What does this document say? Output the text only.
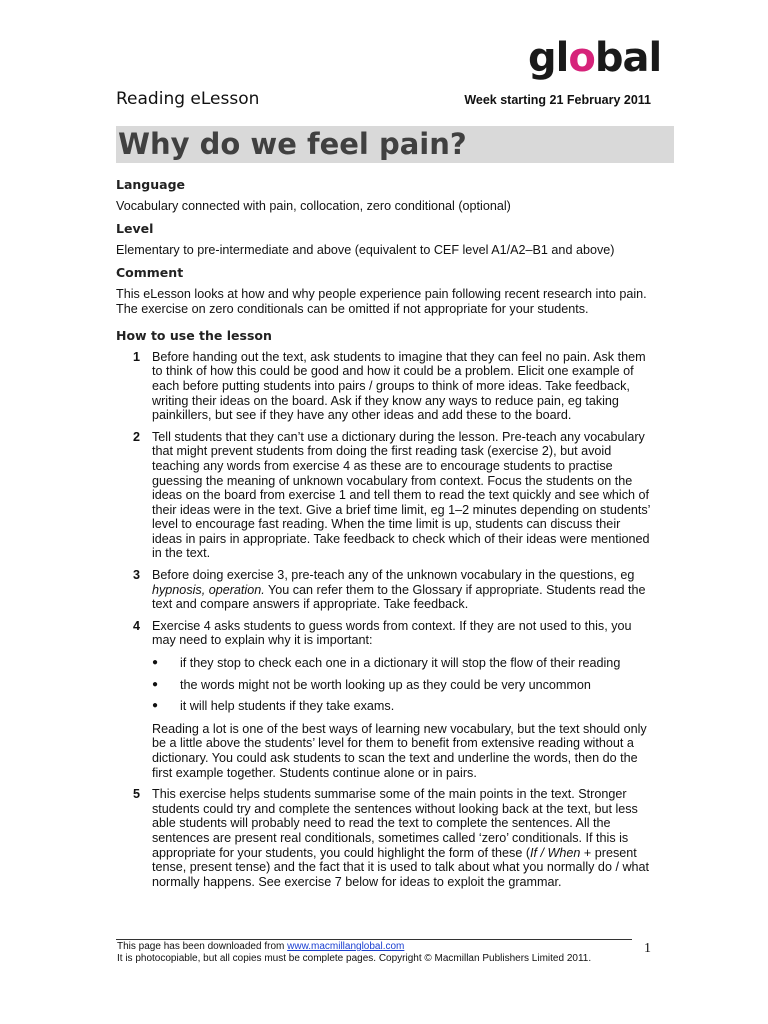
global
Reading eLesson	Week starting 21 February 2011
Why do we feel pain?
Language

Vocabulary connected with pain, collocation, zero conditional (optional)

Level

Elementary to pre-intermediate and above (equivalent to CEF level A1/A2–B1 and above)

Comment

This eLesson looks at how and why people experience pain following recent research into pain. The exercise on zero conditionals can be omitted if not appropriate for your students.

How to use the lesson
1 Before handing out the text, ask students to imagine that they can feel no pain. Ask them to think of how this could be good and how it could be a problem. Elicit one example of each before putting students into pairs / groups to think of more ideas. Take feedback, writing their ideas on the board. Ask if they know any ways to reduce pain, eg taking painkillers, but see if they have any other ideas and add these to the board.
2 Tell students that they can’t use a dictionary during the lesson. Pre-teach any vocabulary that might prevent students from doing the first reading task (exercise 2), but avoid teaching any words from exercise 4 as these are to encourage students to practise guessing the meaning of unknown vocabulary from context. Focus the students on the ideas on the board from exercise 1 and tell them to read the text quickly and see which of their ideas were in the text. Give a brief time limit, eg 1–2 minutes depending on students’ level to encourage fast reading. When the time limit is up, students can discuss their ideas in pairs in appropriate. Take feedback to check which of their ideas were mentioned in the text.
3 Before doing exercise 3, pre-teach any of the unknown vocabulary in the questions, eg hypnosis, operation. You can refer them to the Glossary if appropriate. Students read the text and compare answers if appropriate. Take feedback.
4 Exercise 4 asks students to guess words from context. If they are not used to this, you may need to explain why it is important:
●	if they stop to check each one in a dictionary it will stop the flow of their reading
●	the words might not be worth looking up as they could be very uncommon
●	it will help students if they take exams.
Reading a lot is one of the best ways of learning new vocabulary, but the text should only be a little above the students’ level for them to benefit from extensive reading without a dictionary. You could ask students to scan the text and underline the words, then do the first example together. Students continue alone or in pairs.
5 This exercise helps students summarise some of the main points in the text. Stronger students could try and complete the sentences without looking back at the text, but less able students will probably need to read the text to complete the sentences. All the sentences are present real conditionals, sometimes called ‘zero’ conditionals. If this is appropriate for your students, you could highlight the form of these (If / When + present tense, present tense) and the fact that it is used to talk about what you normally do / what normally happens. See exercise 7 below for ideas to exploit the grammar.
This page has been downloaded from www.macmillanglobal.com
It is photocopiable, but all copies must be complete pages. Copyright © Macmillan Publishers Limited 2011.
1
